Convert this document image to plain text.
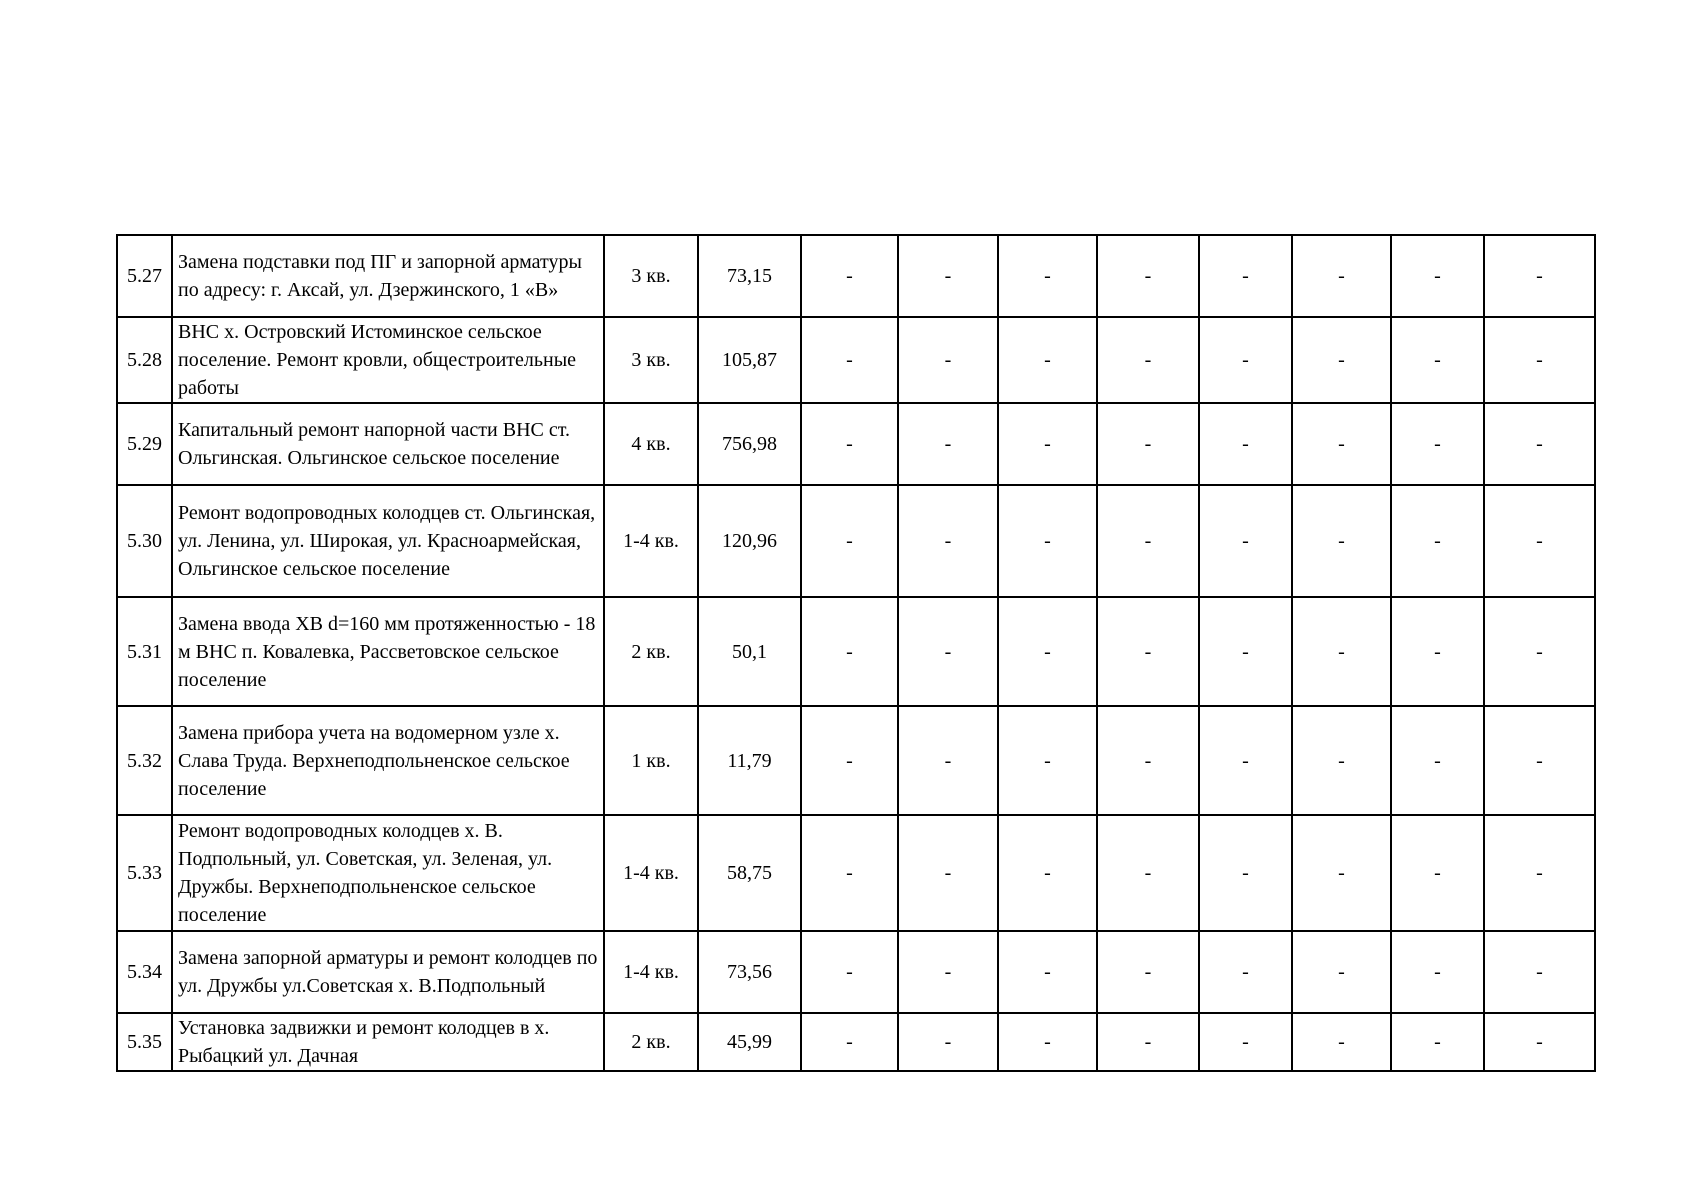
5.27	Замена подставки под ПГ и запорной арматуры по адресу: г. Аксай, ул. Дзержинского, 1 «В»	3 кв.	73,15	-	-	-	-	-	-	-	-
5.28	ВНС х. Островский Истоминское сельское поселение. Ремонт кровли, общестроительные работы	3 кв.	105,87	-	-	-	-	-	-	-	-
5.29	Капитальный ремонт напорной части ВНС ст. Ольгинская. Ольгинское сельское поселение	4 кв.	756,98	-	-	-	-	-	-	-	-
5.30	Ремонт водопроводных колодцев ст. Ольгинская, ул. Ленина, ул. Широкая, ул. Красноармейская, Ольгинское сельское поселение	1-4 кв.	120,96	-	-	-	-	-	-	-	-
5.31	Замена ввода ХВ d=160 мм протяженностью - 18 м ВНС п. Ковалевка, Рассветовское сельское поселение	2 кв.	50,1	-	-	-	-	-	-	-	-
5.32	Замена прибора учета на водомерном узле х. Слава Труда. Верхнеподпольненское сельское поселение	1 кв.	11,79	-	-	-	-	-	-	-	-
5.33	Ремонт водопроводных колодцев х. В. Подпольный, ул. Советская, ул. Зеленая, ул. Дружбы. Верхнеподпольненское сельское поселение	1-4 кв.	58,75	-	-	-	-	-	-	-	-
5.34	Замена запорной арматуры и ремонт колодцев по ул. Дружбы ул.Советская х. В.Подпольный	1-4 кв.	73,56	-	-	-	-	-	-	-	-
5.35	Установка задвижки и ремонт колодцев в х. Рыбацкий ул. Дачная	2 кв.	45,99	-	-	-	-	-	-	-	-
